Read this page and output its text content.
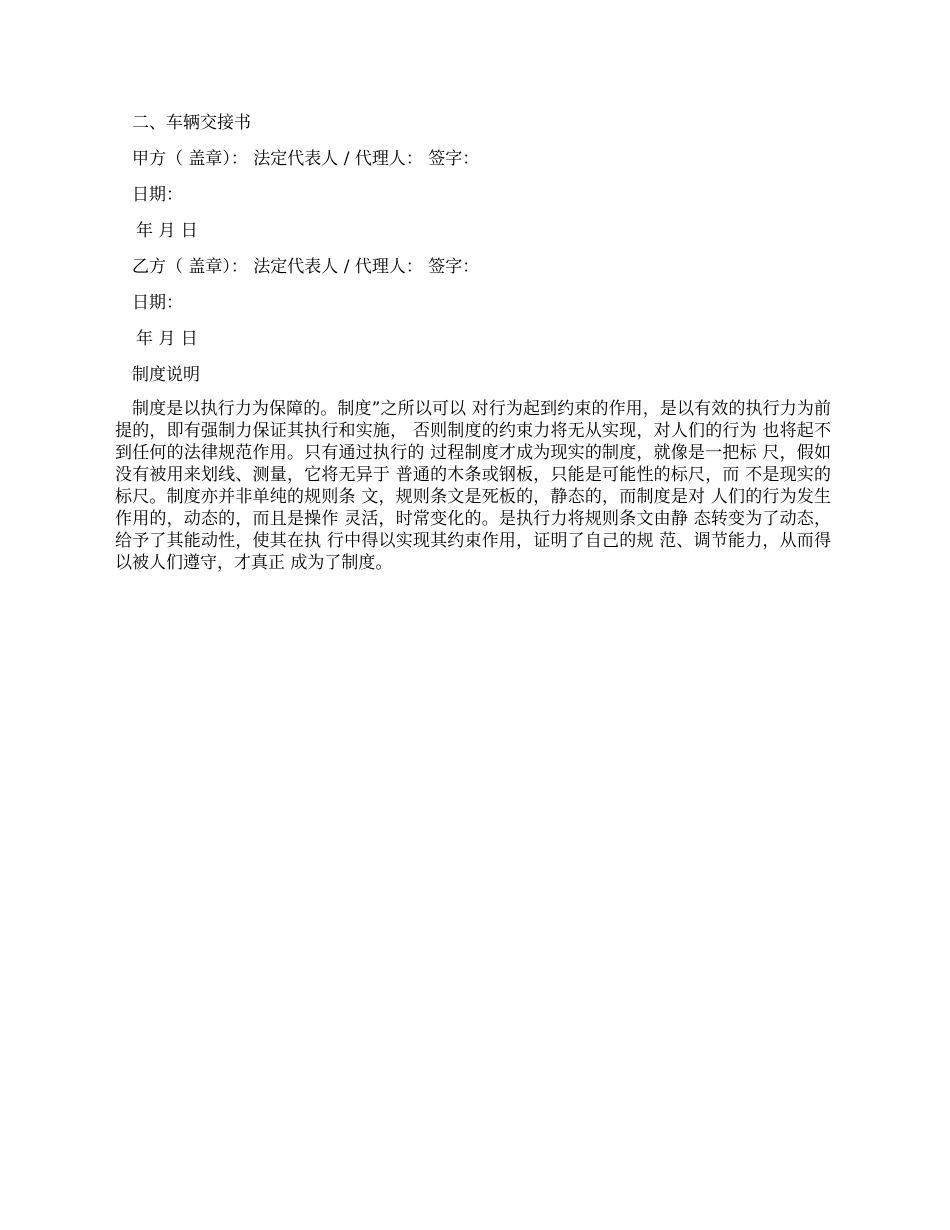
二、车辆交接书
甲方（ 盖章）： 法定代表人 / 代理人： 签字：
日期：
年 月 日
乙方（ 盖章）： 法定代表人 / 代理人： 签字：
日期：
年 月 日
制度说明
制度是以执行力为保障的。制度”之所以可以 对行为起到约束的作用，是以有效的执行力为前提的，即有强制力保证其执行和实施， 否则制度的约束力将无从实现，对人们的行为 也将起不到任何的法律规范作用。只有通过执行的 过程制度才成为现实的制度，就像是一把标 尺，假如没有被用来划线、测量，它将无异于 普通的木条或钢板，只能是可能性的标尺，而 不是现实的标尺。制度亦并非单纯的规则条 文，规则条文是死板的，静态的，而制度是对 人们的行为发生作用的，动态的，而且是操作 灵活，时常变化的。是执行力将规则条文由静 态转变为了动态，给予了其能动性，使其在执 行中得以实现其约束作用，证明了自己的规 范、调节能力，从而得以被人们遵守，才真正 成为了制度。
